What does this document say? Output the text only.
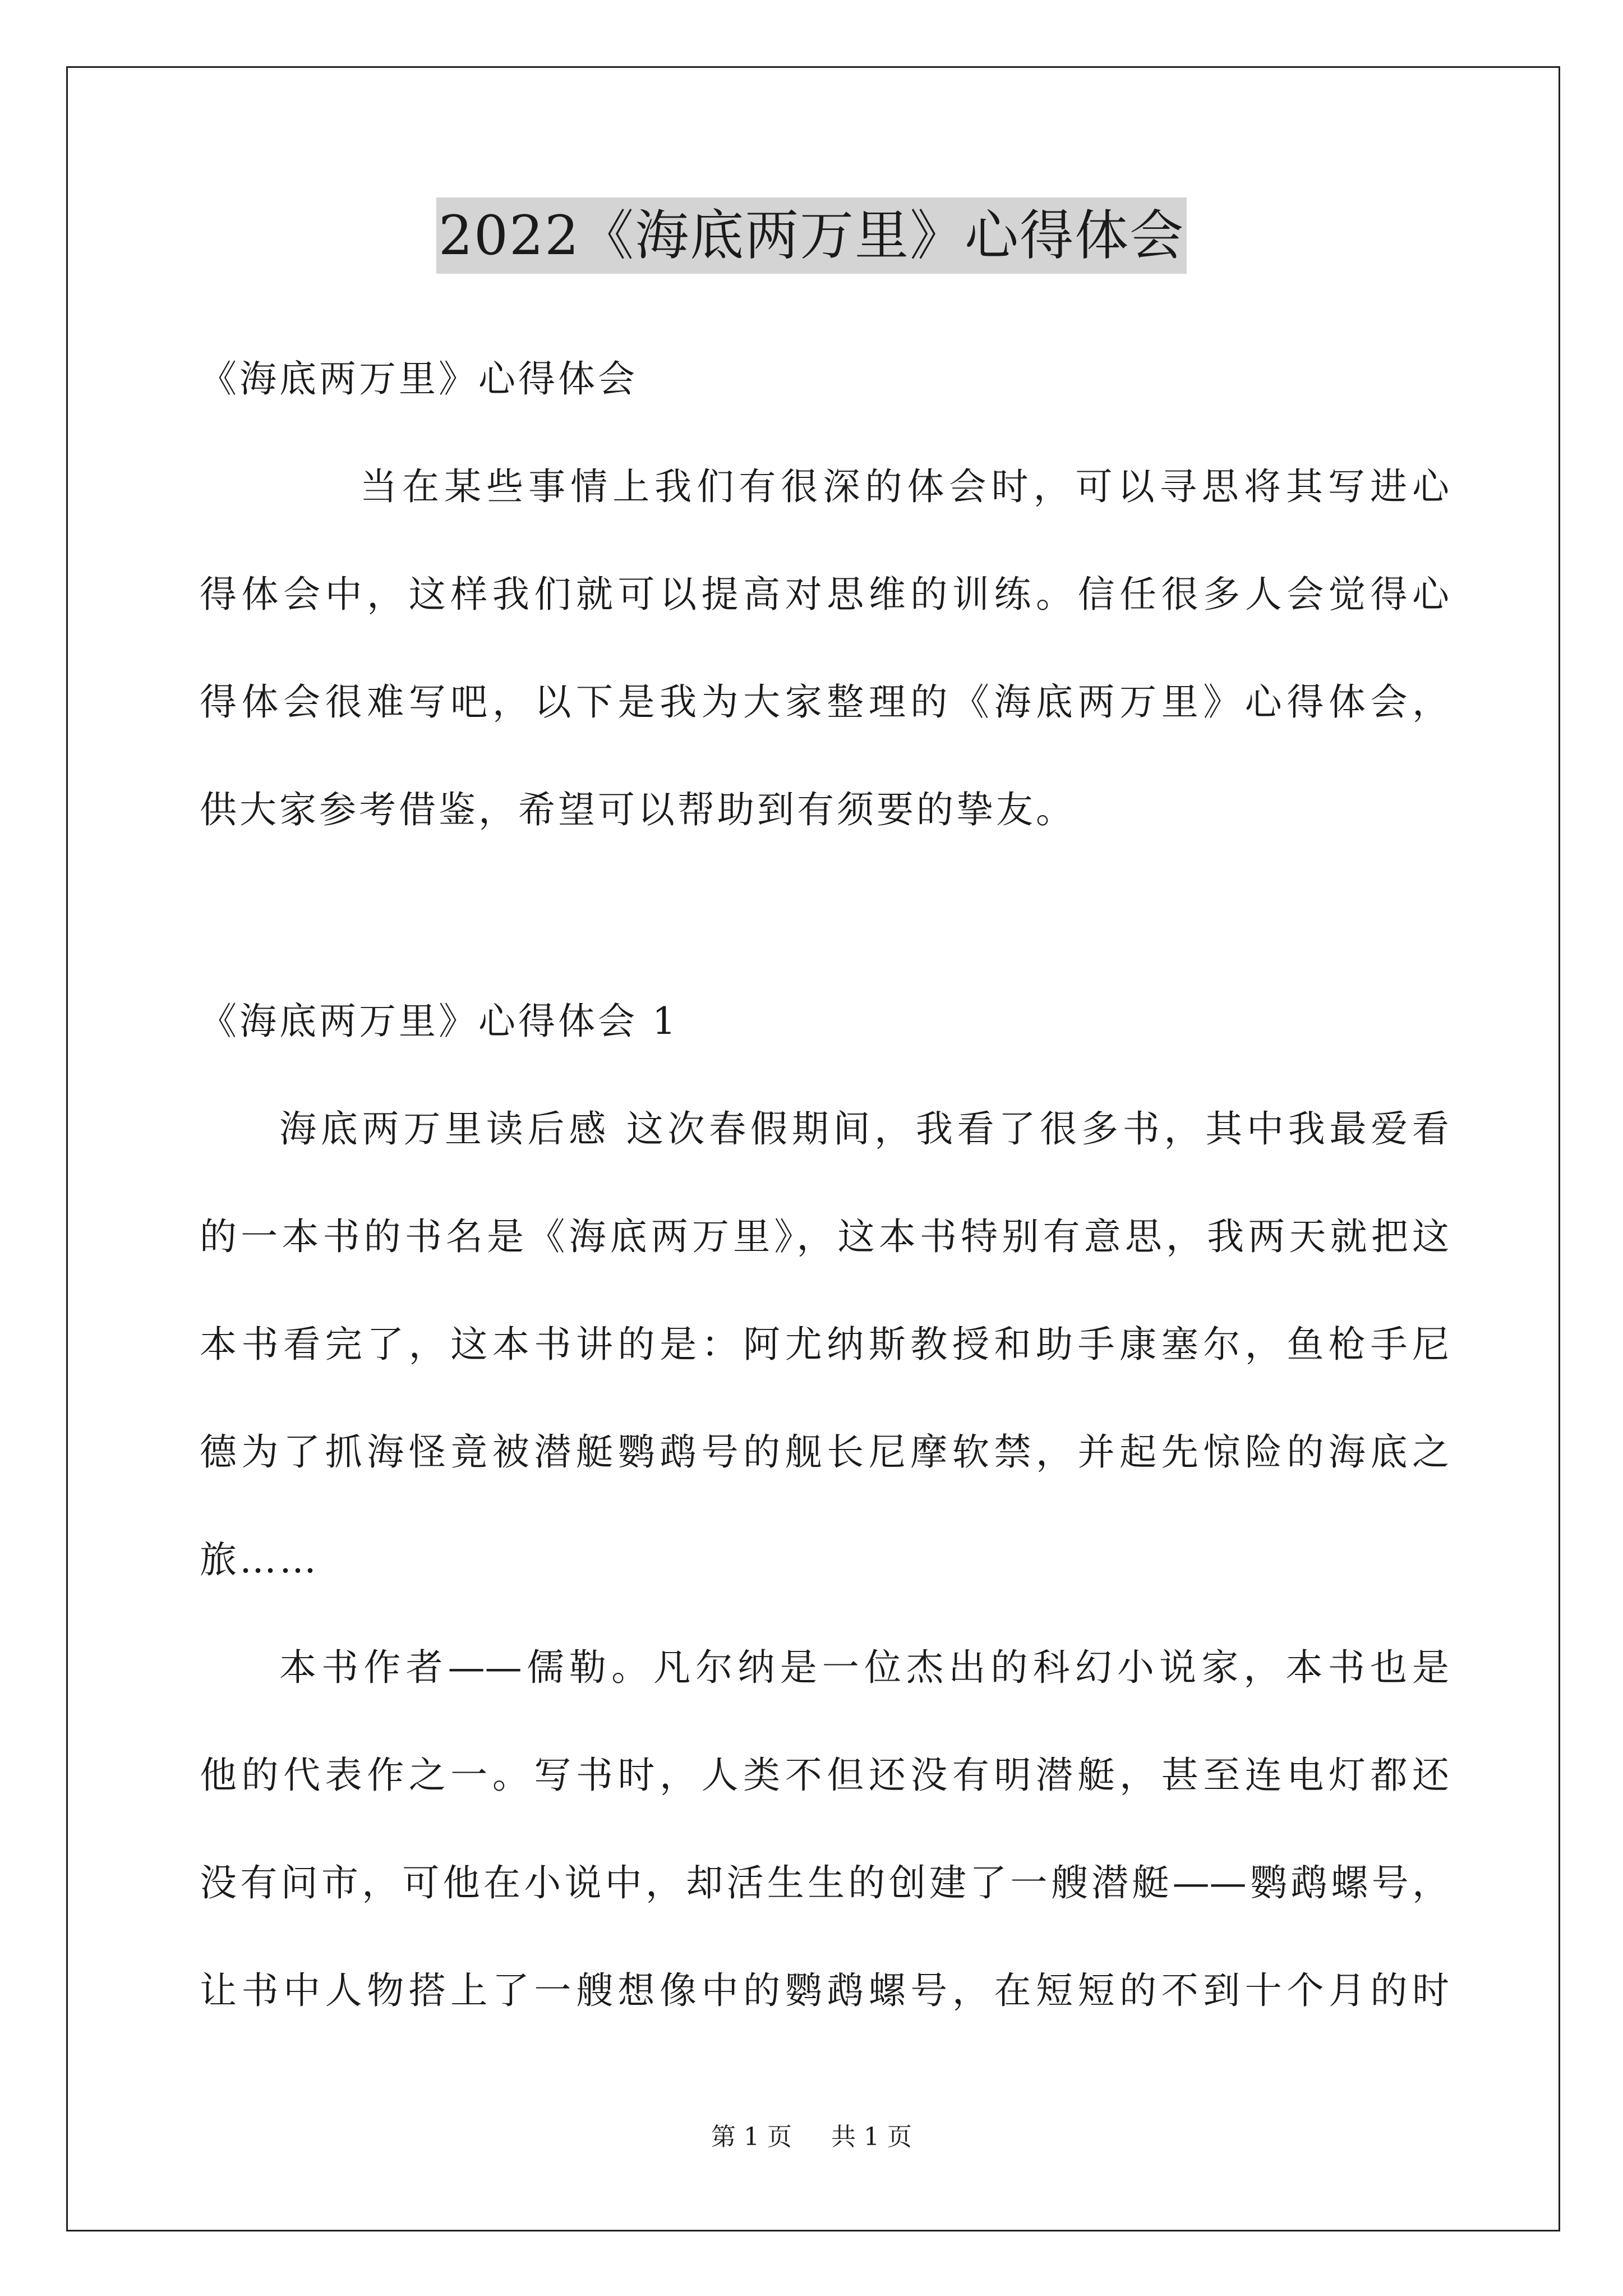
2022《海底两万里》心得体会
《海底两万里》心得体会
当在某些事情上我们有很深的体会时，可以寻思将其写进心
得体会中，这样我们就可以提高对思维的训练。信任很多人会觉得心
得体会很难写吧，以下是我为大家整理的《海底两万里》心得体会，
供大家参考借鉴，希望可以帮助到有须要的挚友。
《海底两万里》心得体会 1
海底两万里读后感 这次春假期间，我看了很多书，其中我最爱看
的一本书的书名是《海底两万里》，这本书特别有意思，我两天就把这
本书看完了，这本书讲的是：阿尤纳斯教授和助手康塞尔，鱼枪手尼
德为了抓海怪竟被潜艇鹦鹉号的舰长尼摩软禁，并起先惊险的海底之
旅……
本书作者——儒勒。凡尔纳是一位杰出的科幻小说家，本书也是
他的代表作之一。写书时，人类不但还没有明潜艇，甚至连电灯都还
没有问市，可他在小说中，却活生生的创建了一艘潜艇——鹦鹉螺号，
让书中人物搭上了一艘想像中的鹦鹉螺号，在短短的不到十个月的时
第 1 页 共 1 页
